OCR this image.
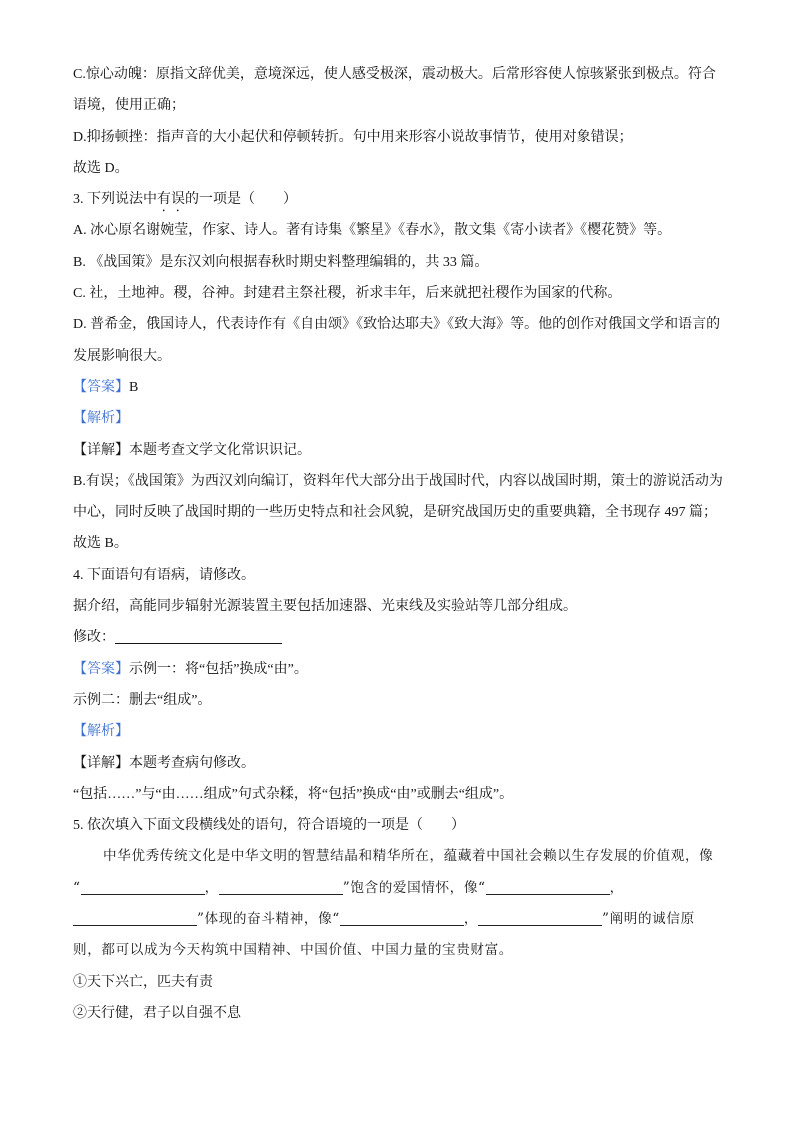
C.惊心动魄：原指文辞优美，意境深远，使人感受极深，震动极大。后常形容使人惊骇紧张到极点。符合
语境，使用正确；
D.抑扬顿挫：指声音的大小起伏和停顿转折。句中用来形容小说故事情节，使用对象错误；
故选 D。
3. 下列说法中有误的一项是（　　）
A. 冰心原名谢婉莹，作家、诗人。著有诗集《繁星》《春水》，散文集《寄小读者》《樱花赞》等。
B. 《战国策》是东汉刘向根据春秋时期史料整理编辑的，共 33 篇。
C. 社，土地神。稷，谷神。封建君主祭社稷，祈求丰年，后来就把社稷作为国家的代称。
D. 普希金，俄国诗人，代表诗作有《自由颂》《致恰达耶夫》《致大海》等。他的创作对俄国文学和语言的
发展影响很大。
【答案】B
【解析】
【详解】本题考查文学文化常识识记。
B.有误；《战国策》为西汉刘向编订，资料年代大部分出于战国时代，内容以战国时期，策士的游说活动为
中心，同时反映了战国时期的一些历史特点和社会风貌，是研究战国历史的重要典籍，全书现存 497 篇；
故选 B。
4. 下面语句有语病，请修改。
据介绍，高能同步辐射光源装置主要包括加速器、光束线及实验站等几部分组成。
修改：
【答案】示例一：将“包括”换成“由”。
示例二：删去“组成”。
【解析】
【详解】本题考查病句修改。
“包括……”与“由……组成”句式杂糅，将“包括”换成“由”或删去“组成”。
5. 依次填入下面文段横线处的语句，符合语境的一项是（　　）
中华优秀传统文化是中华文明的智慧结晶和精华所在，蕴藏着中国社会赖以生存发展的价值观，像
“	，	”饱含的爱国情怀，像“	，
”体现的奋斗精神，像“	，	”阐明的诚信原
则，都可以成为今天构筑中国精神、中国价值、中国力量的宝贵财富。
①天下兴亡，匹夫有责
②天行健，君子以自强不息
